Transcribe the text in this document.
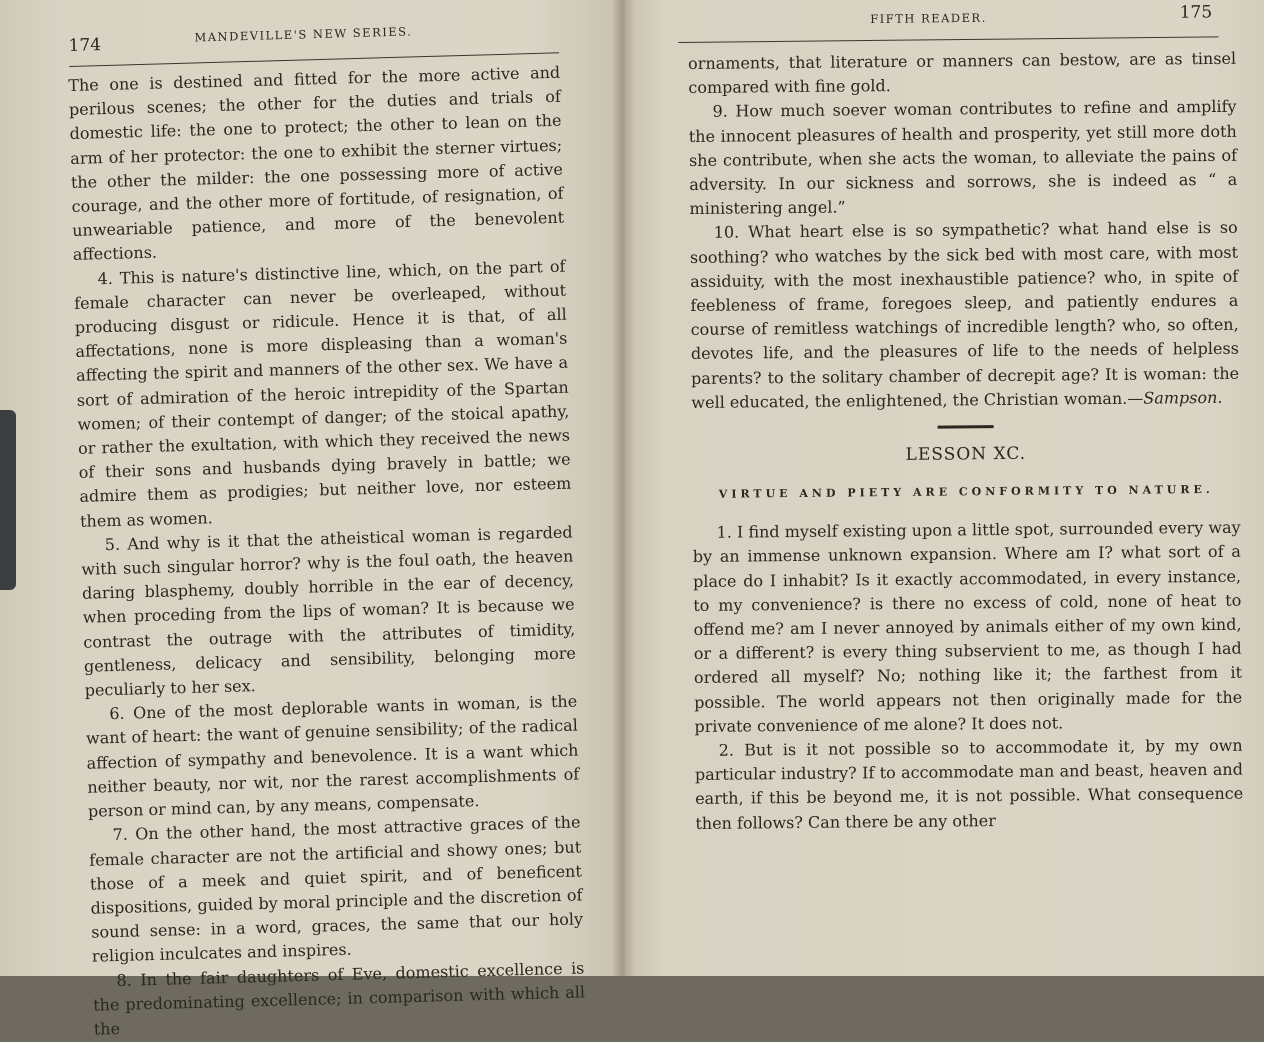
174
MANDEVILLE'S NEW SERIES.

The one is destined and fitted for the more active and perilous scenes; the other for the duties and trials of domestic life: the one to protect; the other to lean on the arm of her protector: the one to exhibit the sterner virtues; the other the milder: the one possessing more of active courage, and the other more of fortitude, of resignation, of unweariable patience, and more of the benevolent affections.

4. This is nature's distinctive line, which, on the part of female character can never be overleaped, without producing disgust or ridicule. Hence it is that, of all affectations, none is more displeasing than a woman's affecting the spirit and manners of the other sex. We have a sort of admiration of the heroic intrepidity of the Spartan women; of their contempt of danger; of the stoical apathy, or rather the exultation, with which they received the news of their sons and husbands dying bravely in battle; we admire them as prodigies; but neither love, nor esteem them as women.

5. And why is it that the atheistical woman is regarded with such singular horror? why is the foul oath, the heaven daring blasphemy, doubly horrible in the ear of decency, when proceding from the lips of woman? It is because we contrast the outrage with the attributes of timidity, gentleness, delicacy and sensibility, belonging more peculiarly to her sex.

6. One of the most deplorable wants in woman, is the want of heart: the want of genuine sensibility; of the radical affection of sympathy and benevolence. It is a want which neither beauty, nor wit, nor the rarest accomplishments of person or mind can, by any means, compensate.

7. On the other hand, the most attractive graces of the female character are not the artificial and showy ones; but those of a meek and quiet spirit, and of beneficent dispositions, guided by moral principle and the discretion of sound sense: in a word, graces, the same that our holy religion inculcates and inspires.

8. In the fair daughters of Eve, domestic excellence is the predominating excellence; in comparison with which all the

FIFTH READER.	175

ornaments, that literature or manners can bestow, are as tinsel compared with fine gold.

9. How much soever woman contributes to refine and amplify the innocent pleasures of health and prosperity, yet still more doth she contribute, when she acts the woman, to alleviate the pains of adversity. In our sickness and sorrows, she is indeed as “ a ministering angel.”

10. What heart else is so sympathetic? what hand else is so soothing? who watches by the sick bed with most care, with most assiduity, with the most inexhaustible patience? who, in spite of feebleness of frame, foregoes sleep, and patiently endures a course of remitless watchings of incredible length? who, so often, devotes life, and the pleasures of life to the needs of helpless parents? to the solitary chamber of decrepit age? It is woman: the well educated, the enlightened, the Christian woman.—Sampson.

LESSON XC.
VIRTUE AND PIETY ARE CONFORMITY TO NATURE.

1. I find myself existing upon a little spot, surrounded every way by an immense unknown expansion. Where am I? what sort of a place do I inhabit? Is it exactly accommodated, in every instance, to my convenience? is there no excess of cold, none of heat to offend me? am I never annoyed by animals either of my own kind, or a different? is every thing subservient to me, as though I had ordered all myself? No; nothing like it; the farthest from it possible. The world appears not then originally made for the private convenience of me alone? It does not.

2. But is it not possible so to accommodate it, by my own particular industry? If to accommodate man and beast, heaven and earth, if this be beyond me, it is not possible. What consequence then follows? Can there be any other
